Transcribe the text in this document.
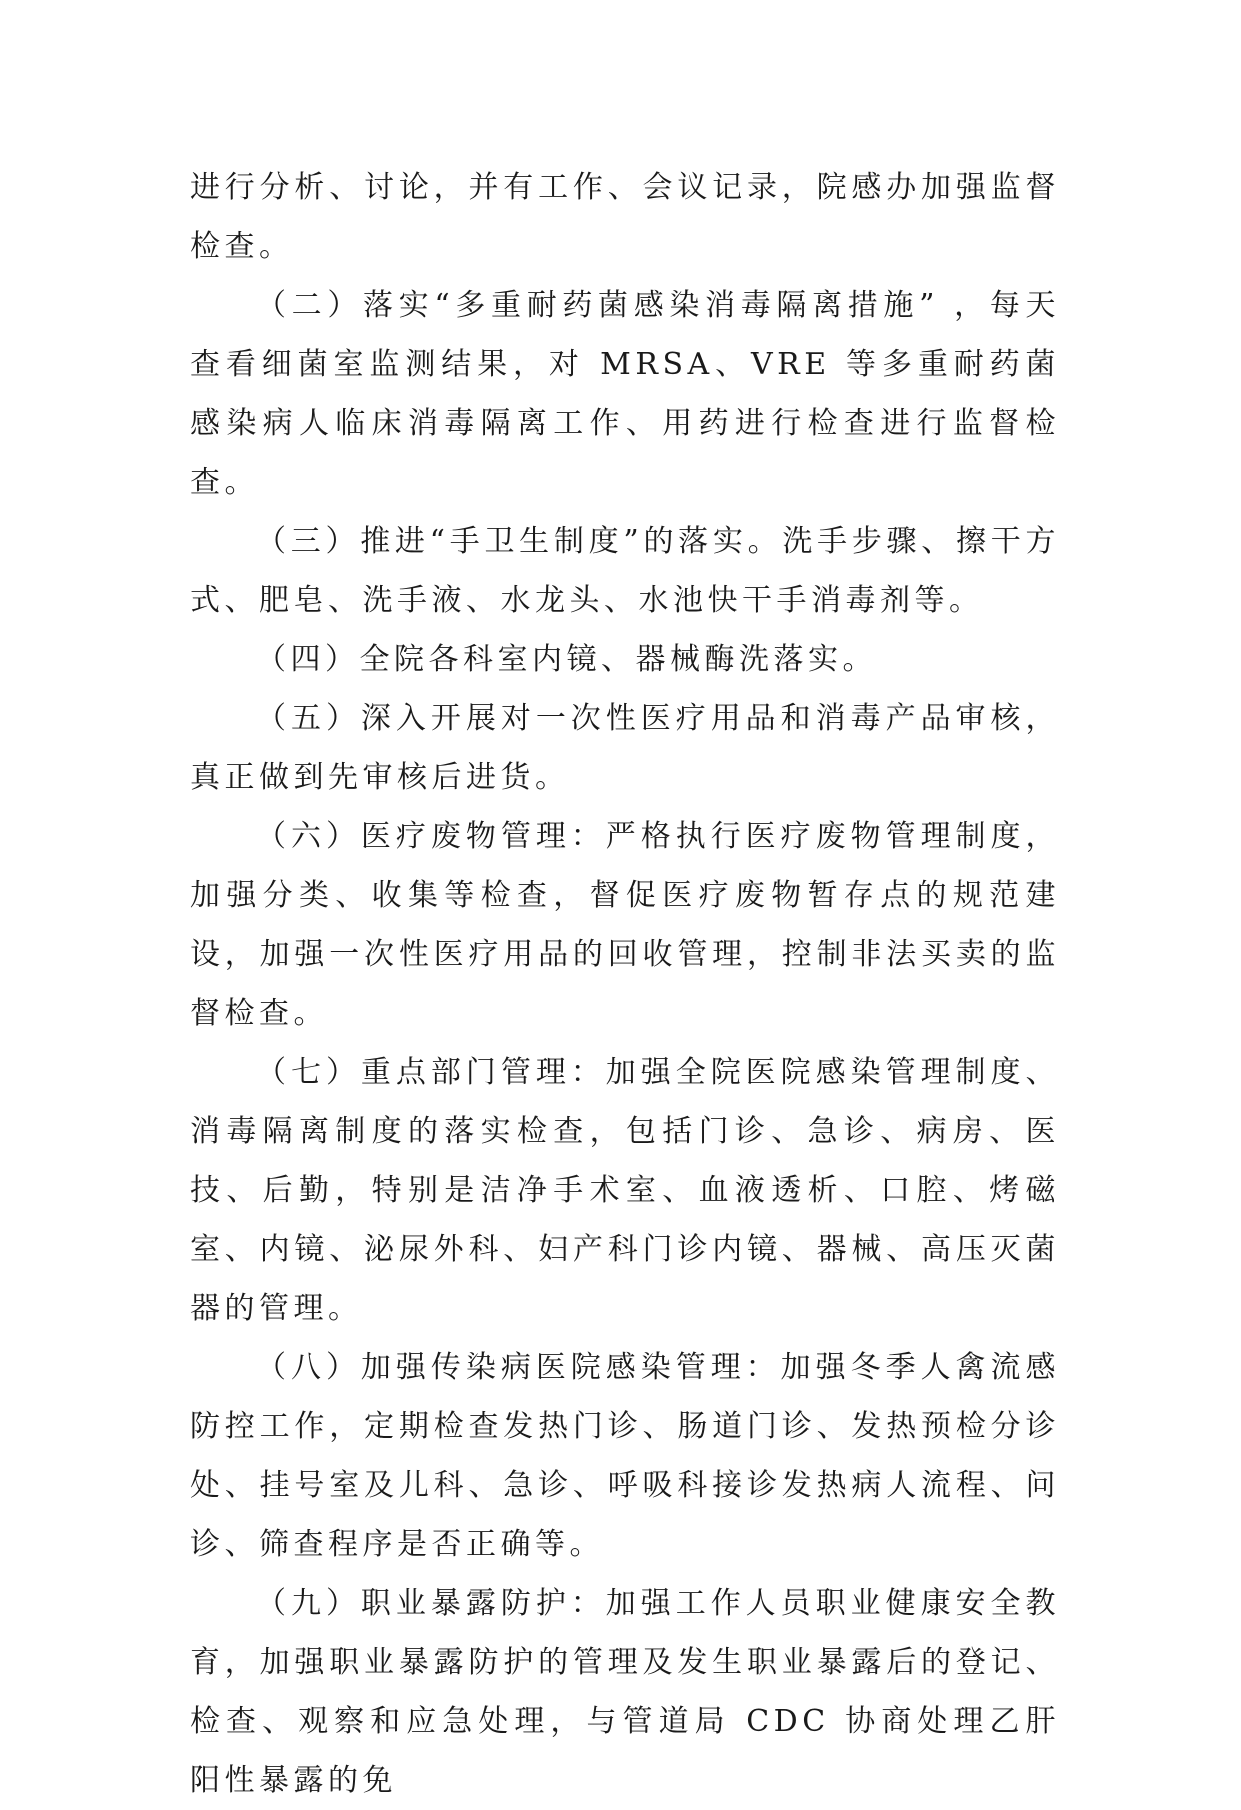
进行分析、讨论，并有工作、会议记录，院感办加强监督检查。

（二）落实“多重耐药菌感染消毒隔离措施” ，每天查看细菌室监测结果，对 MRSA、VRE 等多重耐药菌感染病人临床消毒隔离工作、用药进行检查进行监督检查。

（三）推进“手卫生制度”的落实。洗手步骤、擦干方式、肥皂、洗手液、水龙头、水池快干手消毒剂等。

（四）全院各科室内镜、器械酶洗落实。

（五）深入开展对一次性医疗用品和消毒产品审核，真正做到先审核后进货。

（六）医疗废物管理：严格执行医疗废物管理制度，加强分类、收集等检查，督促医疗废物暂存点的规范建设，加强一次性医疗用品的回收管理，控制非法买卖的监督检查。

（七）重点部门管理：加强全院医院感染管理制度、消毒隔离制度的落实检查，包括门诊、急诊、病房、医技、后勤，特别是洁净手术室、血液透析、口腔、烤磁室、内镜、泌尿外科、妇产科门诊内镜、器械、高压灭菌器的管理。

（八）加强传染病医院感染管理：加强冬季人禽流感防控工作，定期检查发热门诊、肠道门诊、发热预检分诊处、挂号室及儿科、急诊、呼吸科接诊发热病人流程、问诊、筛查程序是否正确等。

（九）职业暴露防护：加强工作人员职业健康安全教育，加强职业暴露防护的管理及发生职业暴露后的登记、检查、观察和应急处理，与管道局 CDC 协商处理乙肝阳性暴露的免
